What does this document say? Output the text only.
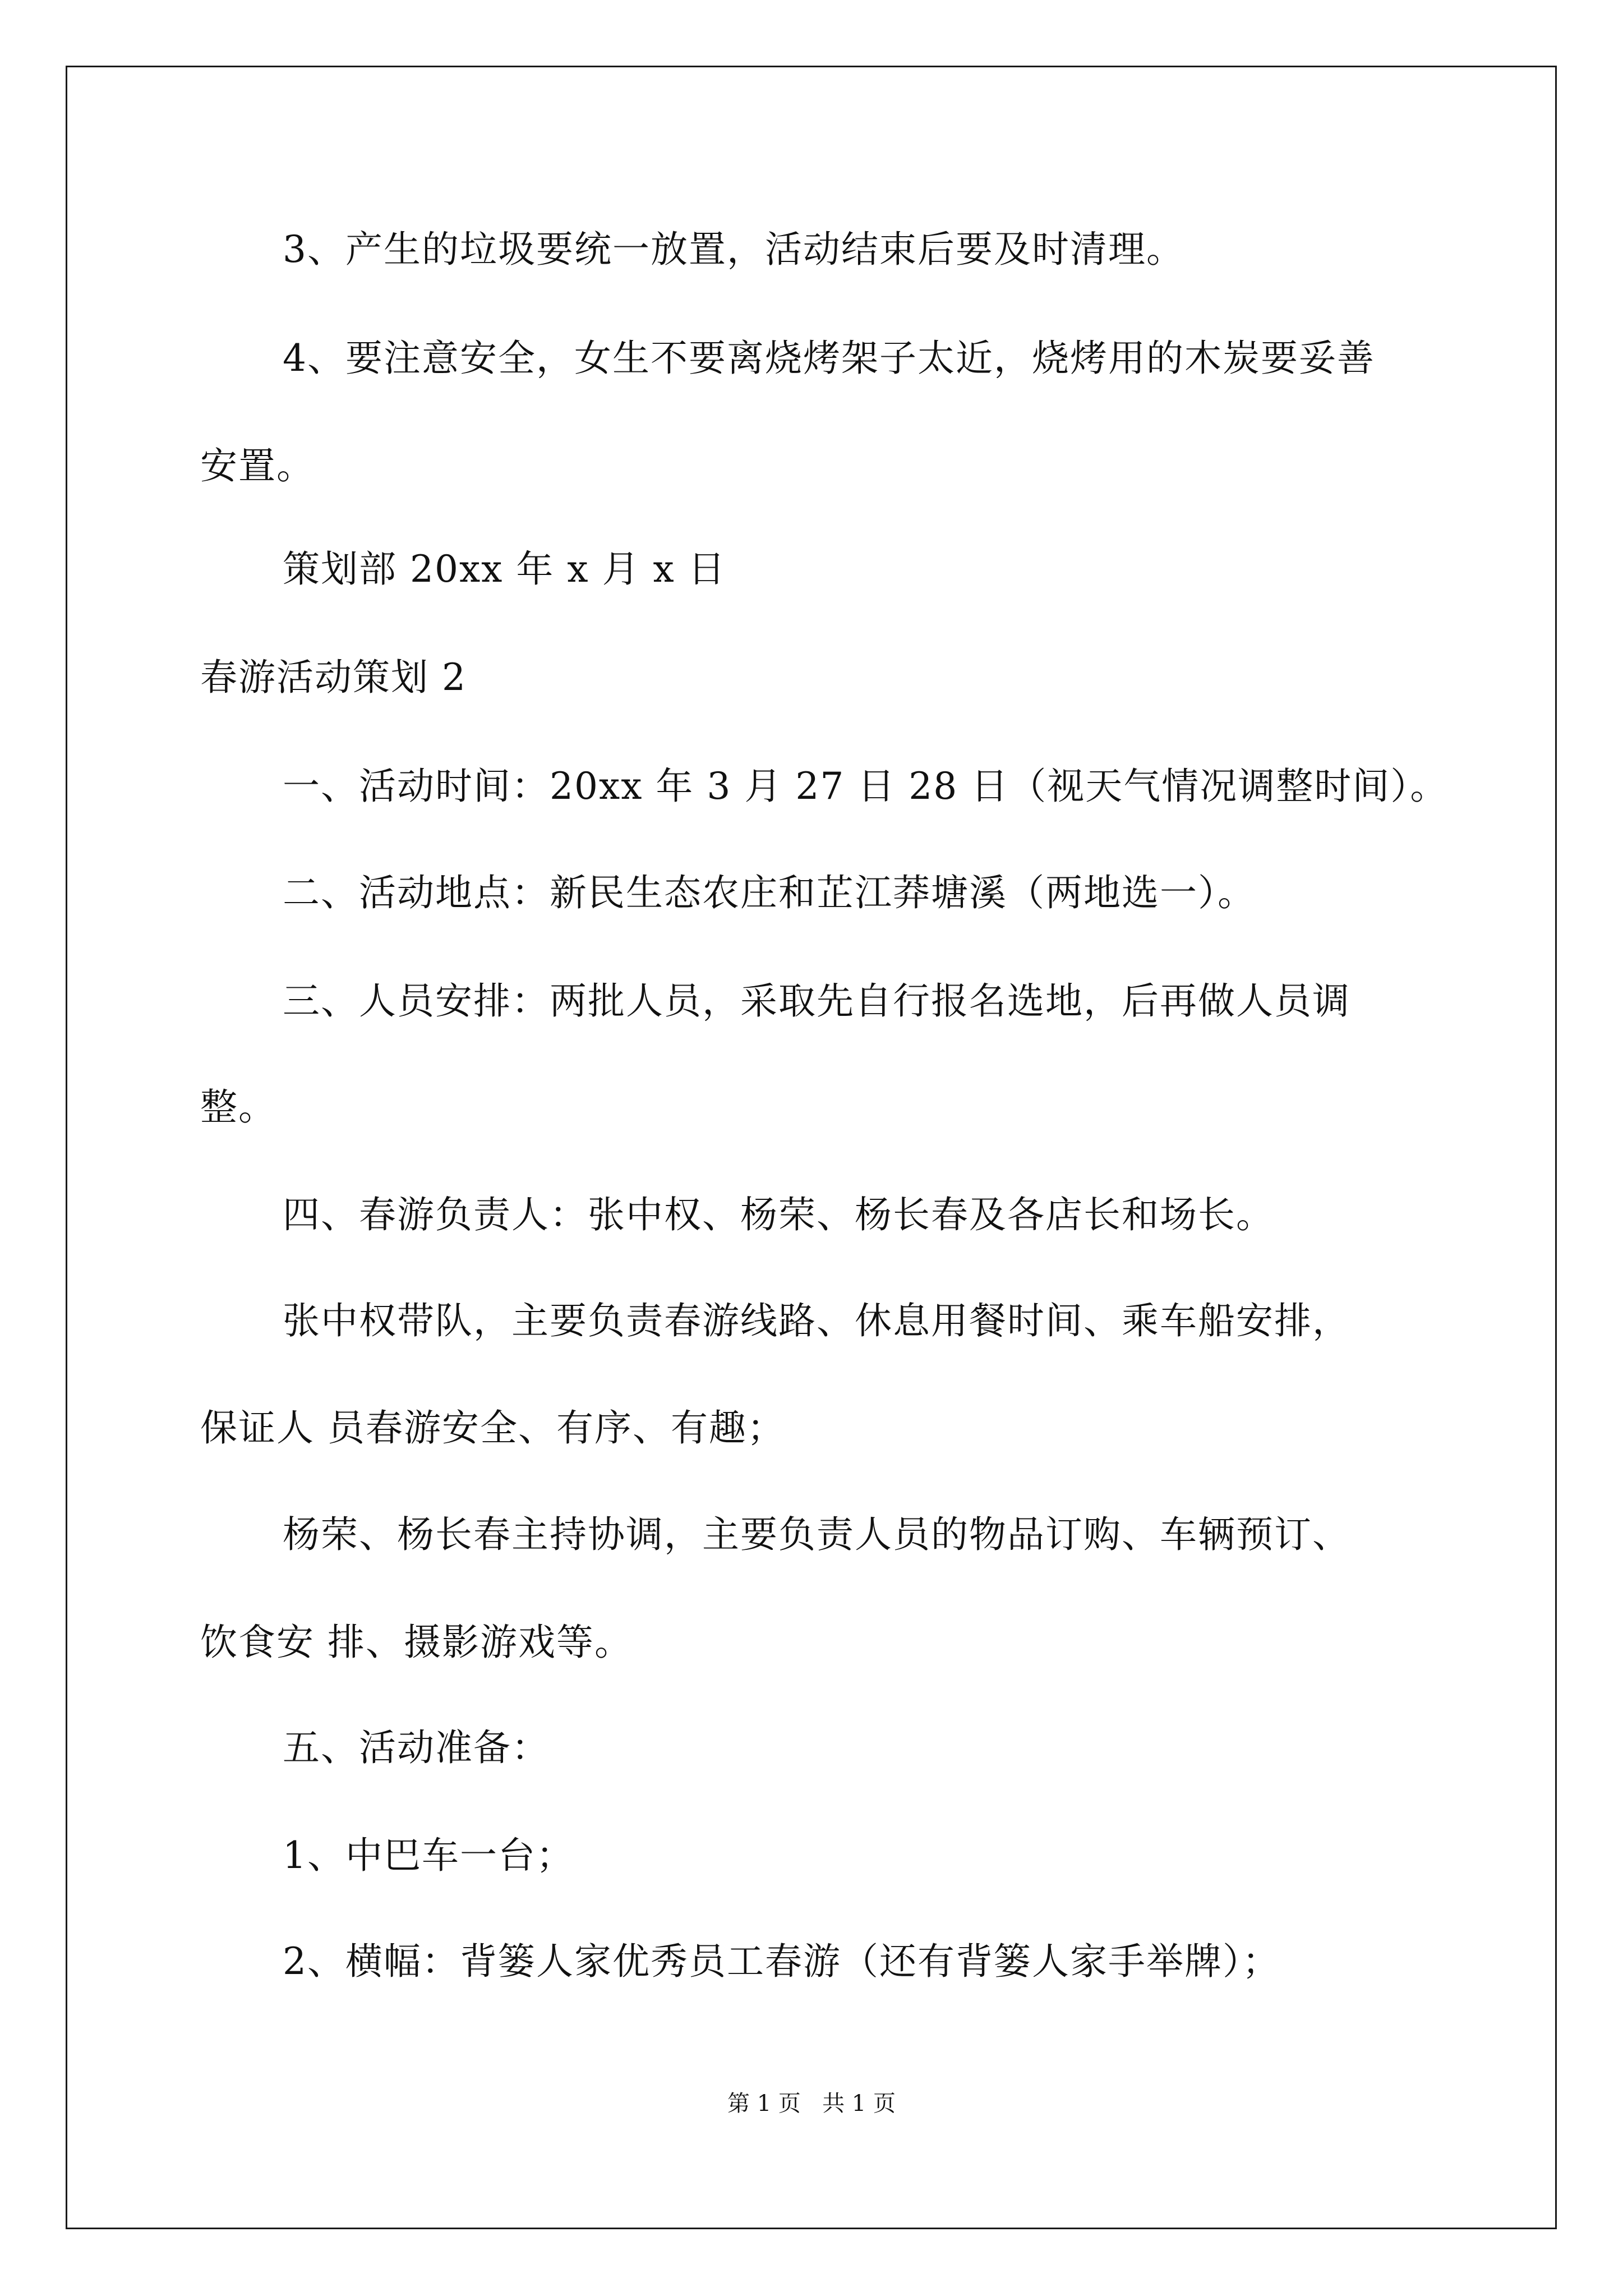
3、产生的垃圾要统一放置，活动结束后要及时清理。
4、要注意安全，女生不要离烧烤架子太近，烧烤用的木炭要妥善
安置。
策划部 20xx 年 x 月 x 日
春游活动策划 2
一、活动时间：20xx 年 3 月 27 日 28 日（视天气情况调整时间）。
二、活动地点：新民生态农庄和芷江莽塘溪（两地选一）。
三、人员安排：两批人员，采取先自行报名选地，后再做人员调
整。
四、春游负责人：张中权、杨荣、杨长春及各店长和场长。
张中权带队，主要负责春游线路、休息用餐时间、乘车船安排，
保证人 员春游安全、有序、有趣；
杨荣、杨长春主持协调，主要负责人员的物品订购、车辆预订、
饮食安 排、摄影游戏等。
五、活动准备：
1、中巴车一台；
2、横幅：背篓人家优秀员工春游（还有背篓人家手举牌）；
第 1 页   共 1 页
